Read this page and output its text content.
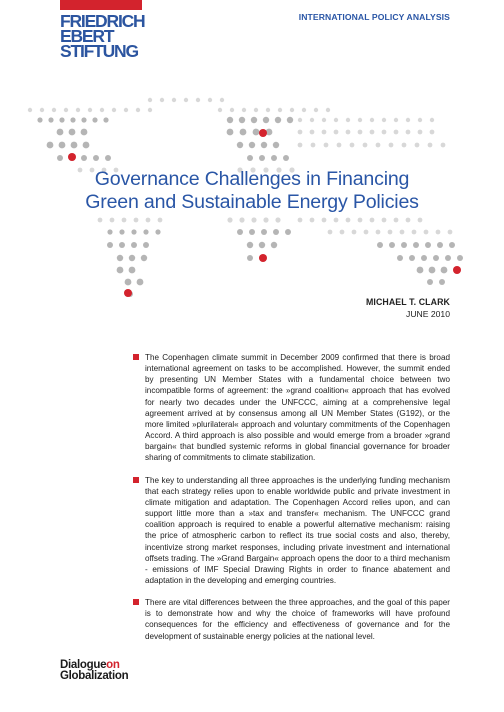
FRIEDRICH
EBERT
STIFTUNG
INTERNATIONAL POLICY ANALYSIS
Governance Challenges in Financing
Green and Sustainable Energy Policies
MICHAEL T. CLARK
JUNE 2010
The Copenhagen climate summit in December 2009 confirmed that there is broad international agreement on tasks to be accomplished. However, the summit ended by presenting UN Member States with a fundamental choice between two incompatible forms of agreement: the »grand coalition« approach that has evolved for nearly two decades under the UNFCCC, aiming at a comprehensive legal agreement arrived at by consensus among all UN Member States (G192), or the more limited »plurilateral« approach and voluntary commitments of the Copenhagen Accord. A third approach is also possible and would emerge from a broader »grand bargain« that bundled systemic reforms in global financial governance for broader sharing of commitments to climate stabilization.
The key to understanding all three approaches is the underlying funding mechanism that each strategy relies upon to enable worldwide public and private investment in climate mitigation and adaptation. The Copenhagen Accord relies upon, and can support little more than a »tax and transfer« mechanism. The UNFCCC grand coalition approach is required to enable a powerful alternative mechanism: raising the price of atmospheric carbon to reflect its true social costs and also, thereby, incentivize strong market responses, including private investment and international offsets trading. The »Grand Bargain« approach opens the door to a third mechanism - emissions of IMF Special Drawing Rights in order to finance abatement and adaptation in the developing and emerging countries.
There are vital differences between the three approaches, and the goal of this paper is to demonstrate how and why the choice of frameworks will have profound consequences for the efficiency and effectiveness of governance and for the development of sustainable energy policies at the national level.
Dialogueon
Globalization
